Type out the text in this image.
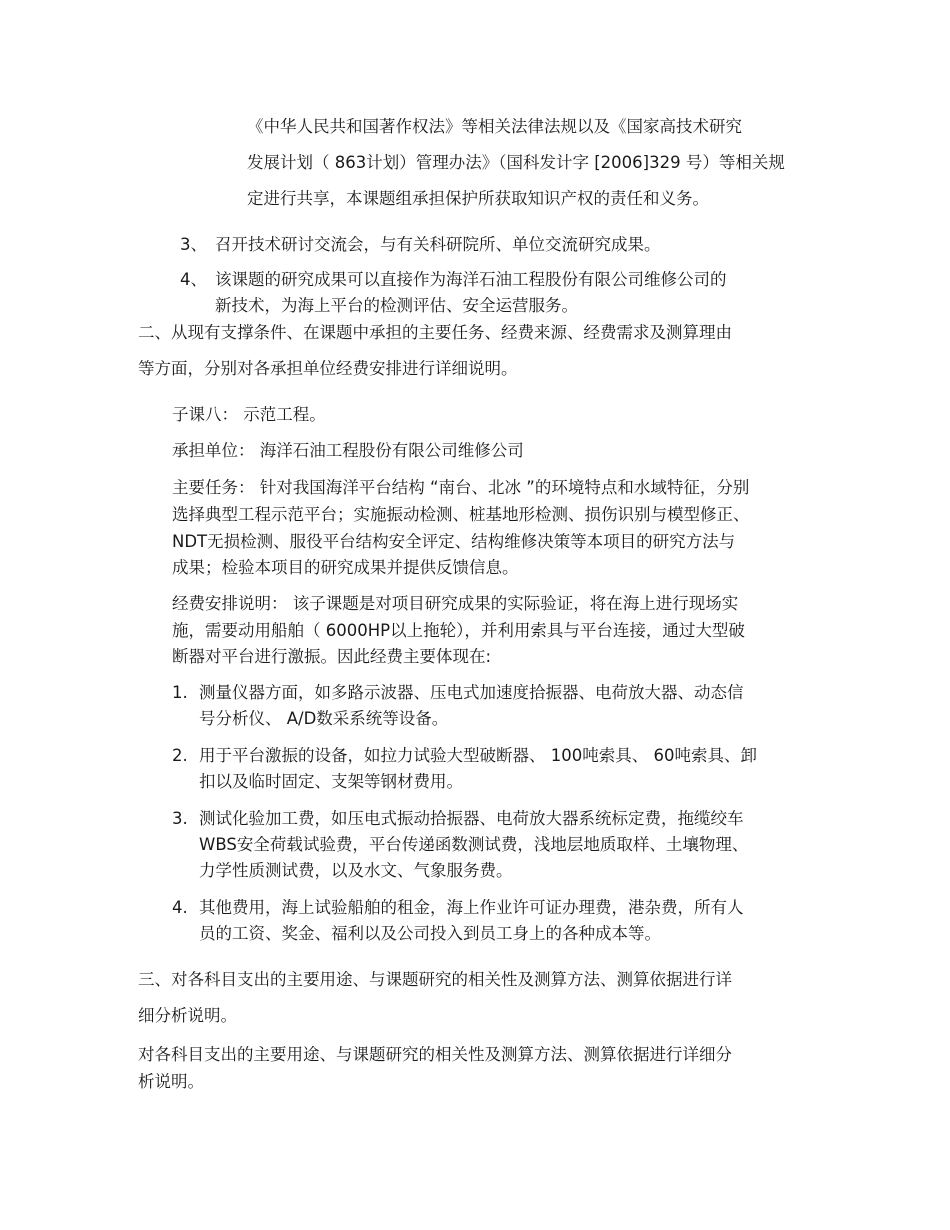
《中华人民共和国著作权法》等相关法律法规以及《国家高技术研究
发展计划（ 863计划）管理办法》（国科发计字 [2006]329 号）等相关规
定进行共享，本课题组承担保护所获取知识产权的责任和义务。
3、 召开技术研讨交流会，与有关科研院所、单位交流研究成果。
4、 该课题的研究成果可以直接作为海洋石油工程股份有限公司维修公司的
新技术，为海上平台的检测评估、安全运营服务。
二、从现有支撑条件、在课题中承担的主要任务、经费来源、经费需求及测算理由
等方面，分别对各承担单位经费安排进行详细说明。
子课八： 示范工程。
承担单位： 海洋石油工程股份有限公司维修公司
主要任务： 针对我国海洋平台结构 “南台、北冰 ”的环境特点和水域特征，分别
选择典型工程示范平台；实施振动检测、桩基地形检测、损伤识别与模型修正、
NDT无损检测、服役平台结构安全评定、结构维修决策等本项目的研究方法与
成果；检验本项目的研究成果并提供反馈信息。
经费安排说明： 该子课题是对项目研究成果的实际验证，将在海上进行现场实
施，需要动用船舶（ 6000HP以上拖轮），并利用索具与平台连接，通过大型破
断器对平台进行激振。因此经费主要体现在:
1. 测量仪器方面，如多路示波器、压电式加速度拾振器、电荷放大器、动态信
号分析仪、 A/D数采系统等设备。
2. 用于平台激振的设备，如拉力试验大型破断器、 100吨索具、 60吨索具、卸
扣以及临时固定、支架等钢材费用。
3. 测试化验加工费，如压电式振动拾振器、电荷放大器系统标定费，拖缆绞车
WBS安全荷载试验费，平台传递函数测试费，浅地层地质取样、土壤物理、
力学性质测试费，以及水文、气象服务费。
4. 其他费用，海上试验船舶的租金，海上作业许可证办理费，港杂费，所有人
员的工资、奖金、福利以及公司投入到员工身上的各种成本等。
三、对各科目支出的主要用途、与课题研究的相关性及测算方法、测算依据进行详
细分析说明。
对各科目支出的主要用途、与课题研究的相关性及测算方法、测算依据进行详细分
析说明。
